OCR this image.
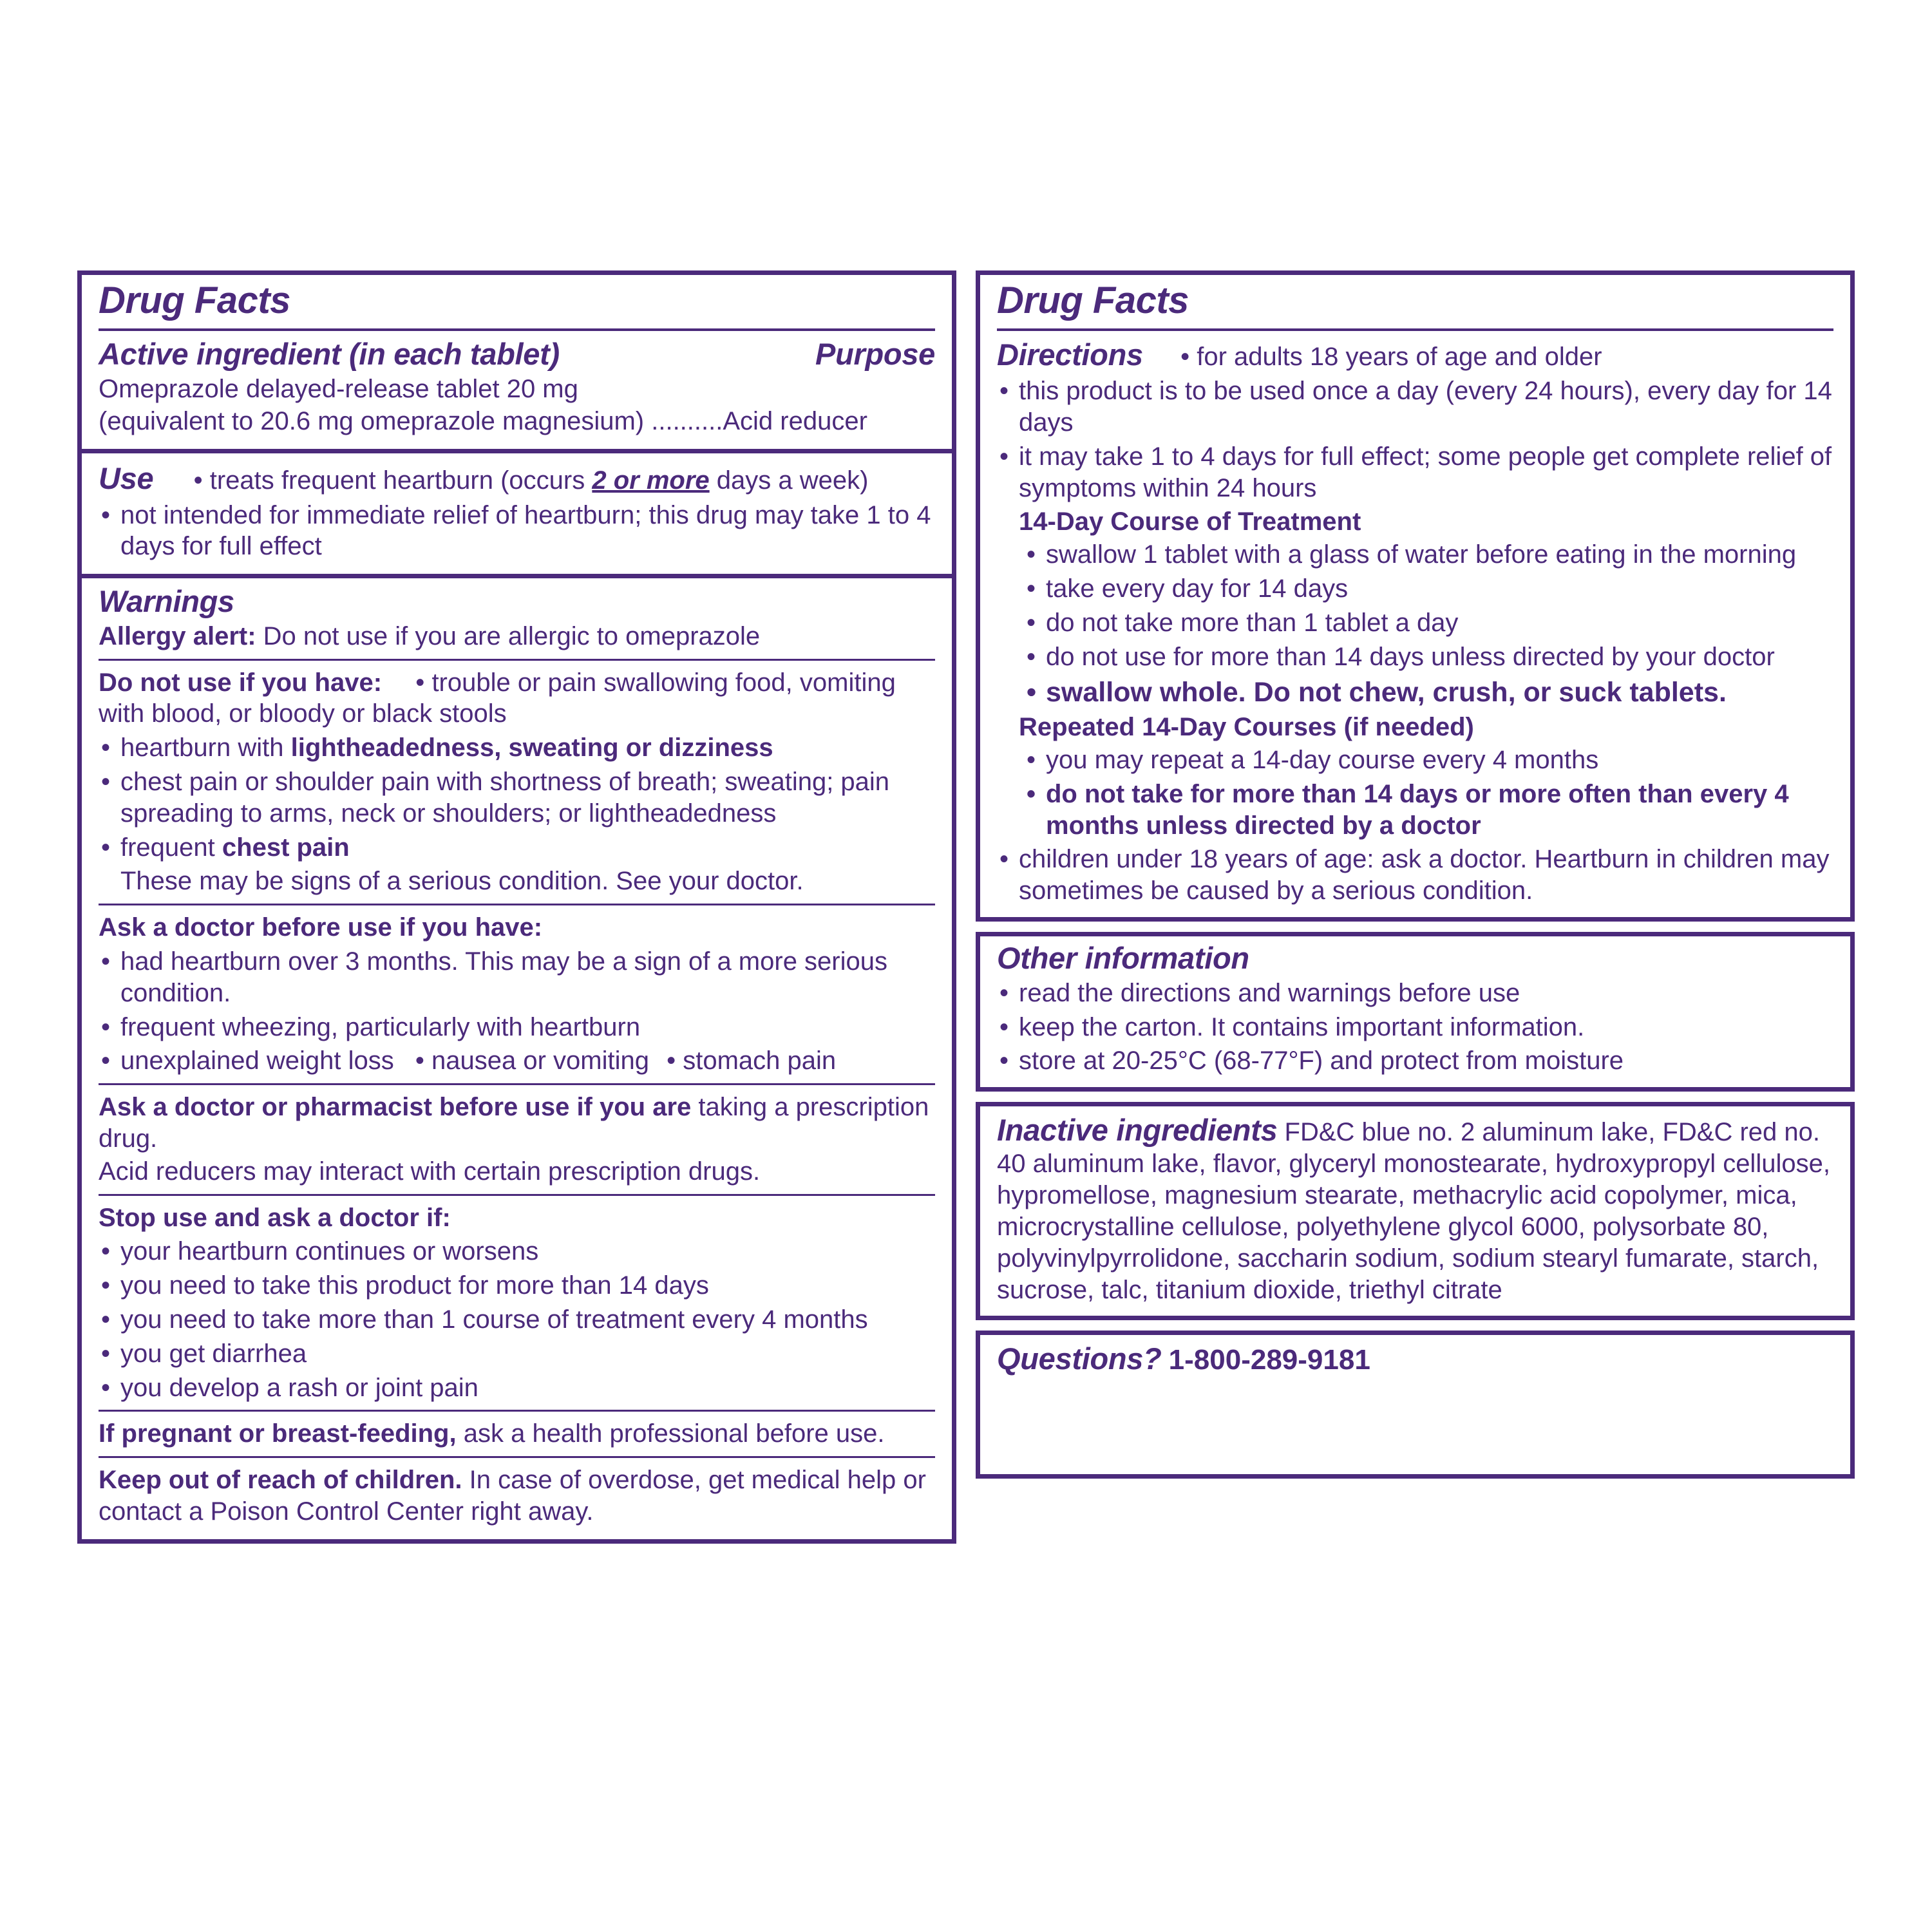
Drug Facts
Active ingredient (in each tablet)	Purpose
Omeprazole delayed-release tablet 20 mg
(equivalent to 20.6 mg omeprazole magnesium) ..........Acid reducer
Use • treats frequent heartburn (occurs 2 or more days a week)
• not intended for immediate relief of heartburn; this drug may take 1 to 4 days for full effect
Warnings
Allergy alert: Do not use if you are allergic to omeprazole
Do not use if you have: • trouble or pain swallowing food, vomiting with blood, or bloody or black stools
• heartburn with lightheadedness, sweating or dizziness
• chest pain or shoulder pain with shortness of breath; sweating; pain spreading to arms, neck or shoulders; or lightheadedness
• frequent chest pain
These may be signs of a serious condition. See your doctor.
Ask a doctor before use if you have:
• had heartburn over 3 months. This may be a sign of a more serious condition.
• frequent wheezing, particularly with heartburn
• unexplained weight loss • nausea or vomiting • stomach pain
Ask a doctor or pharmacist before use if you are taking a prescription drug.
Acid reducers may interact with certain prescription drugs.
Stop use and ask a doctor if:
• your heartburn continues or worsens
• you need to take this product for more than 14 days
• you need to take more than 1 course of treatment every 4 months
• you get diarrhea
• you develop a rash or joint pain
If pregnant or breast-feeding, ask a health professional before use.
Keep out of reach of children. In case of overdose, get medical help or contact a Poison Control Center right away.
Drug Facts
Directions • for adults 18 years of age and older
• this product is to be used once a day (every 24 hours), every day for 14 days
• it may take 1 to 4 days for full effect; some people get complete relief of symptoms within 24 hours
14-Day Course of Treatment
• swallow 1 tablet with a glass of water before eating in the morning
• take every day for 14 days
• do not take more than 1 tablet a day
• do not use for more than 14 days unless directed by your doctor
• swallow whole. Do not chew, crush, or suck tablets.
Repeated 14-Day Courses (if needed)
• you may repeat a 14-day course every 4 months
• do not take for more than 14 days or more often than every 4 months unless directed by a doctor
• children under 18 years of age: ask a doctor. Heartburn in children may sometimes be caused by a serious condition.
Other information
• read the directions and warnings before use
• keep the carton. It contains important information.
• store at 20-25°C (68-77°F) and protect from moisture
Inactive ingredients FD&C blue no. 2 aluminum lake, FD&C red no. 40 aluminum lake, flavor, glyceryl monostearate, hydroxypropyl cellulose, hypromellose, magnesium stearate, methacrylic acid copolymer, mica, microcrystalline cellulose, polyethylene glycol 6000, polysorbate 80, polyvinylpyrrolidone, saccharin sodium, sodium stearyl fumarate, starch, sucrose, talc, titanium dioxide, triethyl citrate
Questions? 1-800-289-9181
